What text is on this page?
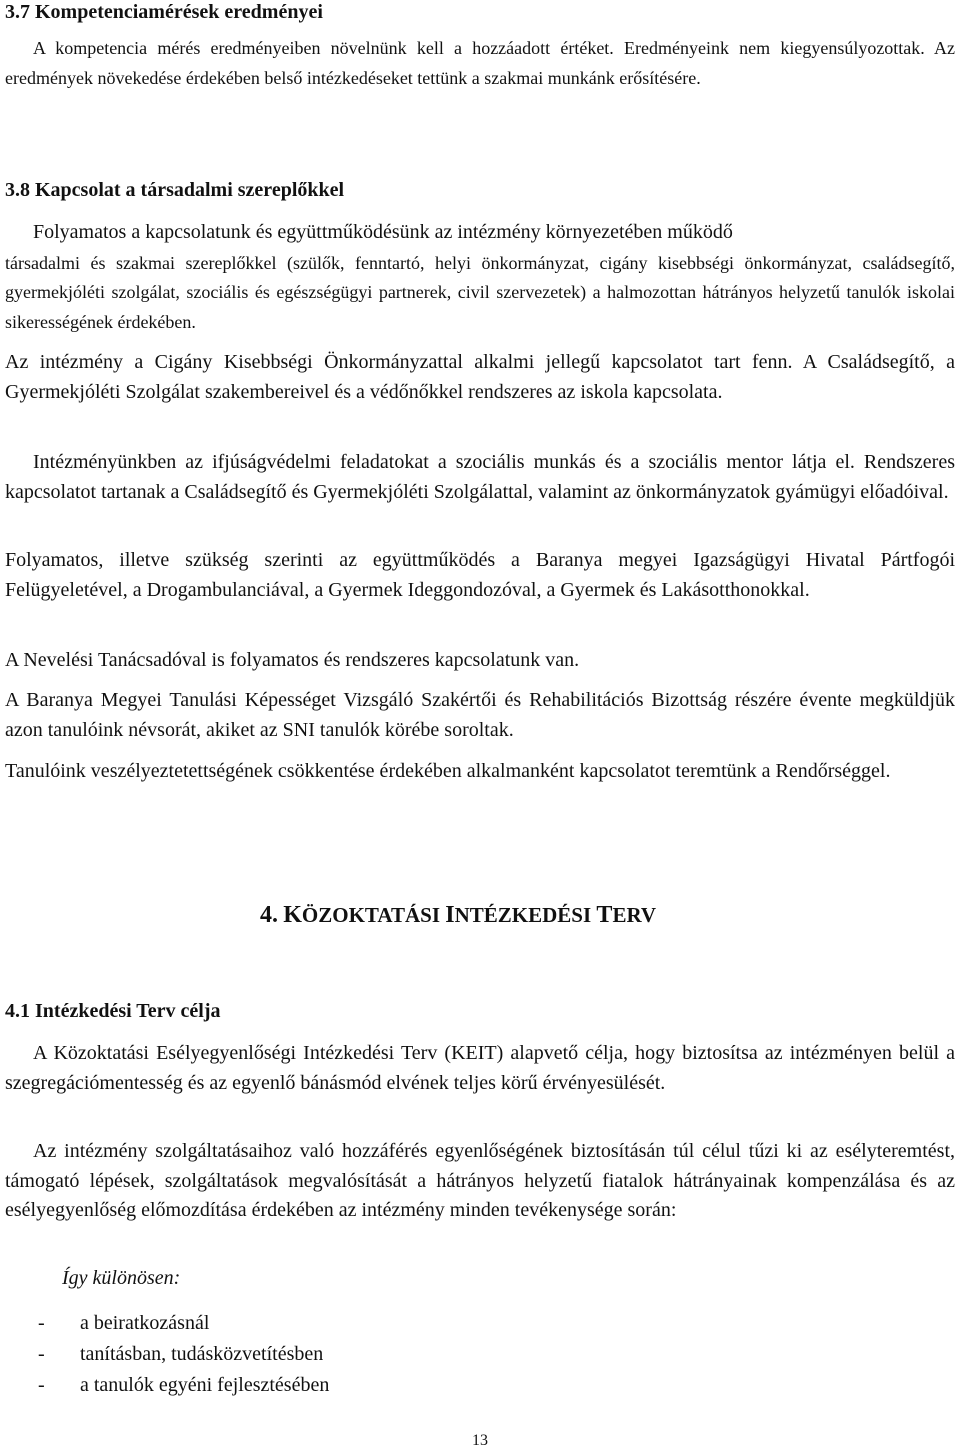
3.7 Kompetenciamérések eredményei

A kompetencia mérés eredményeiben növelnünk kell a hozzáadott értéket. Eredményeink nem kiegyensúlyozottak. Az eredmények növekedése érdekében belső intézkedéseket tettünk a szakmai munkánk erősítésére.

3.8 Kapcsolat a társadalmi szereplőkkel

Folyamatos a kapcsolatunk és együttműködésünk az intézmény környezetében működő

társadalmi és szakmai szereplőkkel (szülők, fenntartó, helyi önkormányzat, cigány kisebbségi önkormányzat, családsegítő, gyermekjóléti szolgálat, szociális és egészségügyi partnerek, civil szervezetek) a halmozottan hátrányos helyzetű tanulók iskolai sikerességének érdekében.

Az intézmény a Cigány Kisebbségi Önkormányzattal alkalmi jellegű kapcsolatot tart fenn. A Családsegítő, a Gyermekjóléti Szolgálat szakembereivel és a védőnőkkel rendszeres az iskola kapcsolata.

Intézményünkben az ifjúságvédelmi feladatokat a szociális munkás és a szociális mentor látja el. Rendszeres kapcsolatot tartanak a Családsegítő és Gyermekjóléti Szolgálattal, valamint az önkormányzatok gyámügyi előadóival.

Folyamatos, illetve szükség szerinti az együttműködés a Baranya megyei Igazságügyi Hivatal Pártfogói Felügyeletével, a Drogambulanciával, a Gyermek Ideggondozóval, a Gyermek és Lakásotthonokkal.

A Nevelési Tanácsadóval is folyamatos és rendszeres kapcsolatunk van.

A Baranya Megyei Tanulási Képességet Vizsgáló Szakértői és Rehabilitációs Bizottság részére évente megküldjük azon tanulóink névsorát, akiket az SNI tanulók körébe soroltak.

Tanulóink veszélyeztetettségének csökkentése érdekében alkalmanként kapcsolatot teremtünk a Rendőrséggel.

4. KÖZOKTATÁSI INTÉZKEDÉSI TERV
4.1 Intézkedési Terv célja

A Közoktatási Esélyegyenlőségi Intézkedési Terv (KEIT) alapvető célja, hogy biztosítsa az intézményen belül a szegregációmentesség és az egyenlő bánásmód elvének teljes körű érvényesülését.

Az intézmény szolgáltatásaihoz való hozzáférés egyenlőségének biztosításán túl célul tűzi ki az esélyteremtést, támogató lépések, szolgáltatások megvalósítását a hátrányos helyzetű fiatalok hátrányainak kompenzálása és az esélyegyenlőség előmozdítása érdekében az intézmény minden tevékenysége során:

Így különösen:

- a beiratkozásnál
- tanításban, tudásközvetítésben
- a tanulók egyéni fejlesztésében
13
